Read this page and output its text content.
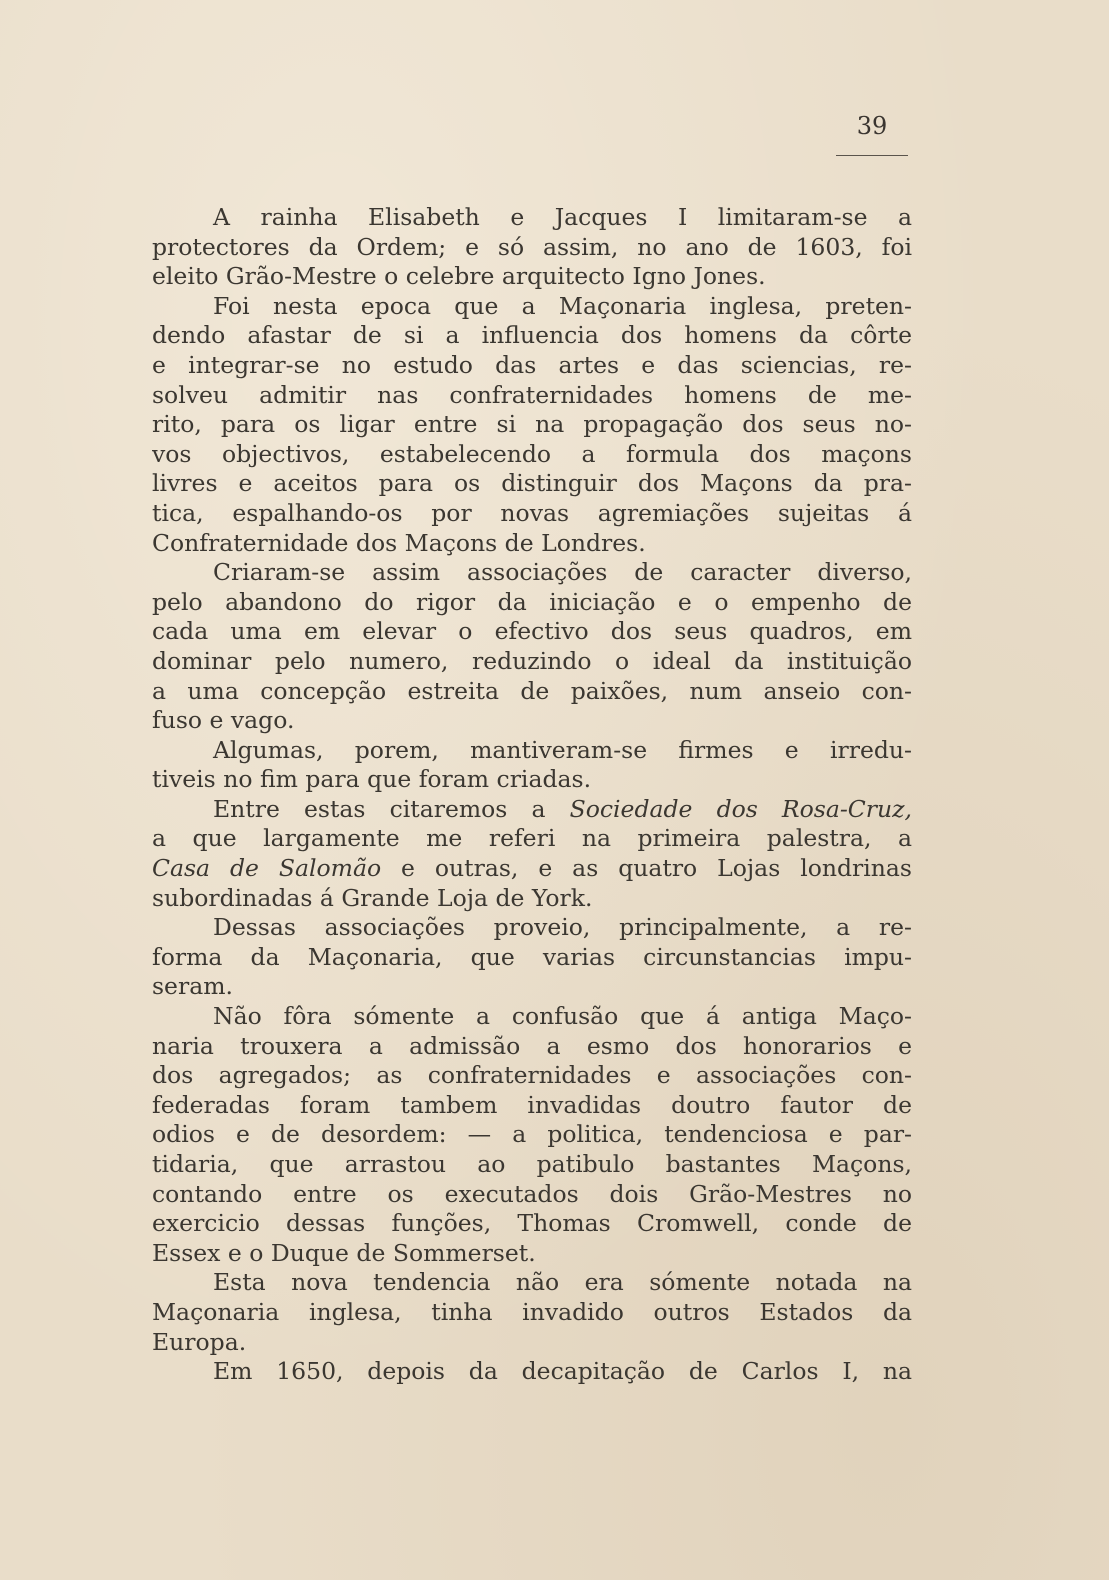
39
A rainha Elisabeth e Jacques I limitaram-se a
protectores da Ordem; e só assim, no ano de 1603, foi
eleito Grão-Mestre o celebre arquitecto Igno Jones.
Foi nesta epoca que a Maçonaria inglesa, preten-
dendo afastar de si a influencia dos homens da côrte
e integrar-se no estudo das artes e das sciencias, re-
solveu admitir nas confraternidades homens de me-
rito, para os ligar entre si na propagação dos seus no-
vos objectivos, estabelecendo a formula dos maçons
livres e aceitos para os distinguir dos Maçons da pra-
tica, espalhando-os por novas agremiações sujeitas á
Confraternidade dos Maçons de Londres.
Criaram-se assim associações de caracter diverso,
pelo abandono do rigor da iniciação e o empenho de
cada uma em elevar o efectivo dos seus quadros, em
dominar pelo numero, reduzindo o ideal da instituição
a uma concepção estreita de paixões, num anseio con-
fuso e vago.
Algumas, porem, mantiveram-se firmes e irredu-
tiveis no fim para que foram criadas.
Entre estas citaremos a Sociedade dos Rosa-Cruz,
a que largamente me referi na primeira palestra, a
Casa de Salomão e outras, e as quatro Lojas londrinas
subordinadas á Grande Loja de York.
Dessas associações proveio, principalmente, a re-
forma da Maçonaria, que varias circunstancias impu-
seram.
Não fôra sómente a confusão que á antiga Maço-
naria trouxera a admissão a esmo dos honorarios e
dos agregados; as confraternidades e associações con-
federadas foram tambem invadidas doutro fautor de
odios e de desordem: — a politica, tendenciosa e par-
tidaria, que arrastou ao patibulo bastantes Maçons,
contando entre os executados dois Grão-Mestres no
exercicio dessas funções, Thomas Cromwell, conde de
Essex e o Duque de Sommerset.
Esta nova tendencia não era sómente notada na
Maçonaria inglesa, tinha invadido outros Estados da
Europa.
Em 1650, depois da decapitação de Carlos I, na
